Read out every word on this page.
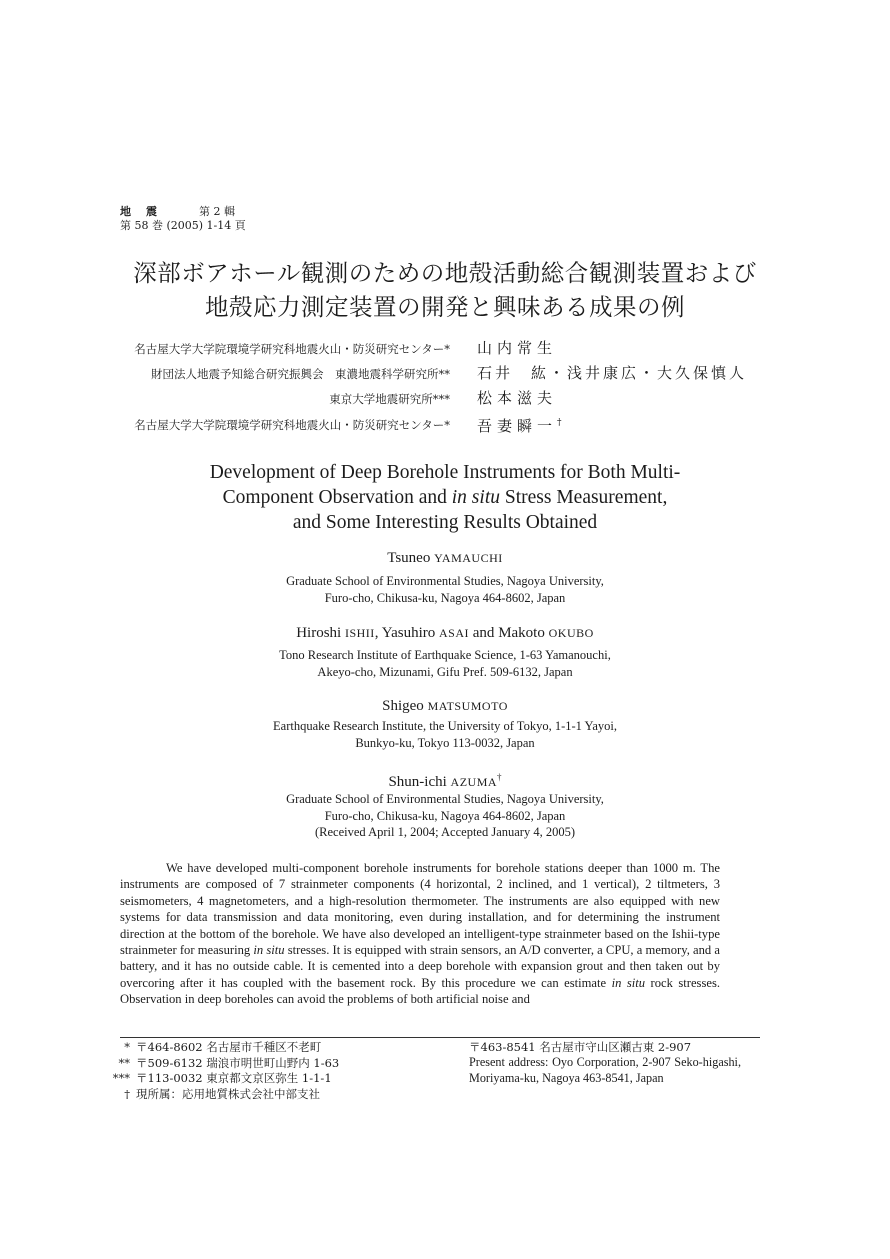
地　震	第 2 輯
第 58 巻 (2005) 1-14 頁
深部ボアホール観測のための地殻活動総合観測装置および
地殻応力測定装置の開発と興味ある成果の例
名古屋大学大学院環境学研究科地震火山・防災研究センター* 山内常生
財団法人地震予知総合研究振興会　東濃地震科学研究所** 石井　紘・浅井康広・大久保慎人
東京大学地震研究所*** 松本滋夫
名古屋大学大学院環境学研究科地震火山・防災研究センター* 吾妻瞬一†
Development of Deep Borehole Instruments for Both Multi-
Component Observation and in situ Stress Measurement,
and Some Interesting Results Obtained
Tsuneo YAMAUCHI
Graduate School of Environmental Studies, Nagoya University,
Furo-cho, Chikusa-ku, Nagoya 464-8602, Japan
Hiroshi ISHII, Yasuhiro ASAI and Makoto OKUBO
Tono Research Institute of Earthquake Science, 1-63 Yamanouchi,
Akeyo-cho, Mizunami, Gifu Pref. 509-6132, Japan
Shigeo MATSUMOTO
Earthquake Research Institute, the University of Tokyo, 1-1-1 Yayoi,
Bunkyo-ku, Tokyo 113-0032, Japan
Shun-ichi AZUMA†
Graduate School of Environmental Studies, Nagoya University,
Furo-cho, Chikusa-ku, Nagoya 464-8602, Japan
(Received April 1, 2004; Accepted January 4, 2005)
We have developed multi-component borehole instruments for borehole stations deeper than 1000 m. The instruments are composed of 7 strainmeter components (4 horizontal, 2 inclined, and 1 vertical), 2 tiltmeters, 3 seismometers, 4 magnetometers, and a high-resolution thermometer. The instruments are also equipped with new systems for data transmission and data monitoring, even during installation, and for determining the instrument direction at the bottom of the borehole. We have also developed an intelligent-type strainmeter based on the Ishii-type strainmeter for measuring in situ stresses. It is equipped with strain sensors, an A/D converter, a CPU, a memory, and a battery, and it has no outside cable. It is cemented into a deep borehole with expansion grout and then taken out by overcoring after it has coupled with the basement rock. By this procedure we can estimate in situ rock stresses. Observation in deep boreholes can avoid the problems of both artificial noise and
* 〒464-8602 名古屋市千種区不老町
** 〒509-6132 瑞浪市明世町山野内 1-63
*** 〒113-0032 東京都文京区弥生 1-1-1
† 現所属：応用地質株式会社中部支社
〒463-8541 名古屋市守山区瀬古東 2-907
Present address: Oyo Corporation, 2-907 Seko-higashi, Moriyama-ku, Nagoya 463-8541, Japan
